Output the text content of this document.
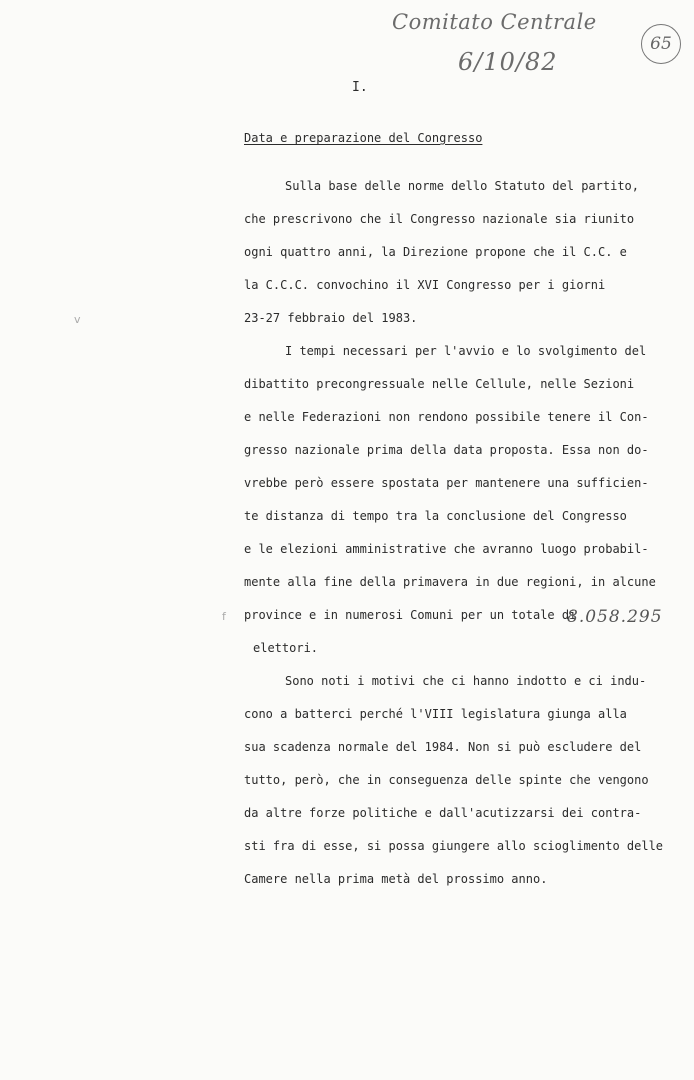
Comitato Centrale
6/10/82
65
I.
Data e preparazione del Congresso
v
f
Sulla base delle norme dello Statuto del partito,
che prescrivono che il Congresso nazionale sia riunito
ogni quattro anni, la Direzione propone che il C.C. e
la C.C.C. convochino il XVI Congresso per i giorni
23-27 febbraio del 1983.
I tempi necessari per l'avvio e lo svolgimento del
dibattito precongressuale nelle Cellule, nelle Sezioni
e nelle Federazioni non rendono possibile tenere il Con-
gresso nazionale prima della data proposta. Essa non do-
vrebbe però essere spostata per mantenere una sufficien-
te distanza di tempo tra la conclusione del Congresso
e le elezioni amministrative che avranno luogo probabil-
mente alla fine della primavera in due regioni, in alcune
province e in numerosi Comuni per un totale di
8.058.295
elettori.
Sono noti i motivi che ci hanno indotto e ci indu-
cono a batterci perché l'VIII legislatura giunga alla
sua scadenza normale del 1984. Non si può escludere del
tutto, però, che in conseguenza delle spinte che vengono
da altre forze politiche e dall'acutizzarsi dei contra-
sti fra di esse, si possa giungere allo scioglimento delle
Camere nella prima metà del prossimo anno.
